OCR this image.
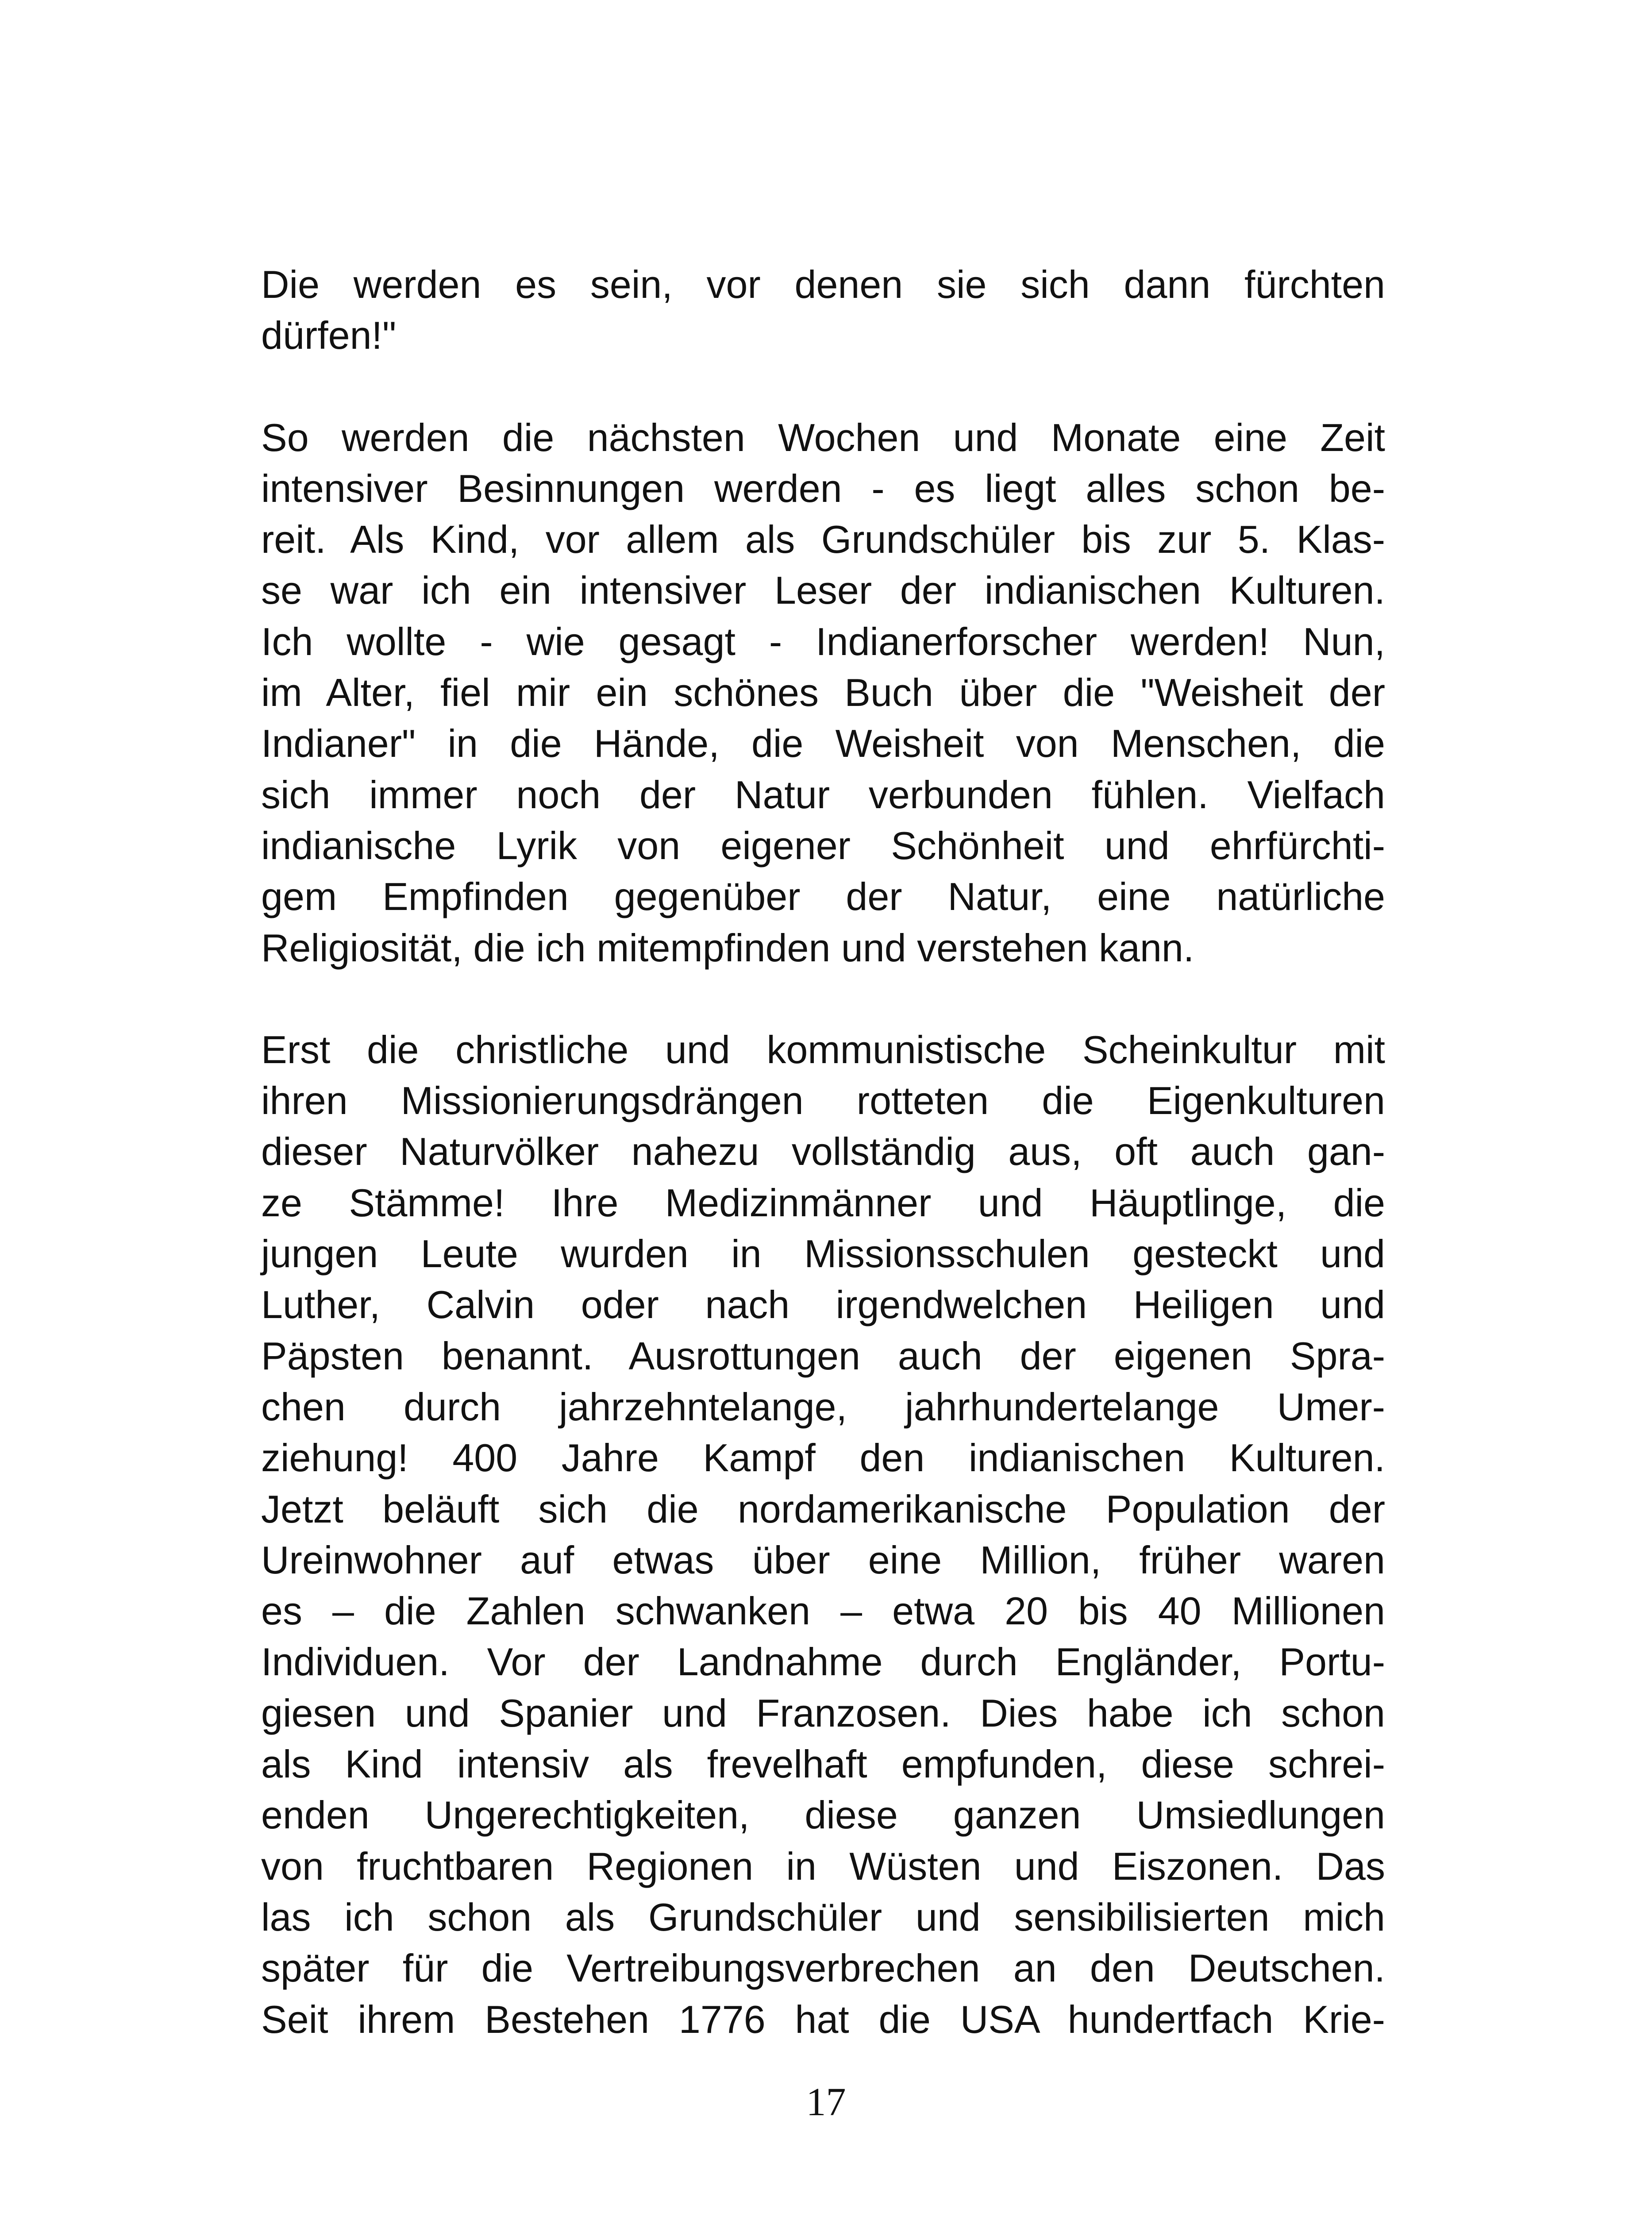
Die werden es sein, vor denen sie sich dann fürchten
dürfen!"

So werden die nächsten Wochen und Monate eine Zeit
intensiver Besinnungen werden - es liegt alles schon be-
reit. Als Kind, vor allem als Grundschüler bis zur 5. Klas-
se war ich ein intensiver Leser der indianischen Kulturen.
Ich wollte - wie gesagt - Indianerforscher werden! Nun,
im Alter, fiel mir ein schönes Buch über die "Weisheit der
Indianer" in die Hände, die Weisheit von Menschen, die
sich immer noch der Natur verbunden fühlen. Vielfach
indianische Lyrik von eigener Schönheit und ehrfürchti-
gem Empfinden gegenüber der Natur, eine natürliche
Religiosität, die ich mitempfinden und verstehen kann.

Erst die christliche und kommunistische Scheinkultur mit
ihren Missionierungsdrängen rotteten die Eigenkulturen
dieser Naturvölker nahezu vollständig aus, oft auch gan-
ze Stämme! Ihre Medizinmänner und Häuptlinge, die
jungen Leute wurden in Missionsschulen gesteckt und
Luther, Calvin oder nach irgendwelchen Heiligen und
Päpsten benannt. Ausrottungen auch der eigenen Spra-
chen durch jahrzehntelange, jahrhundertelange Umer-
ziehung! 400 Jahre Kampf den indianischen Kulturen.
Jetzt beläuft sich die nordamerikanische Population der
Ureinwohner auf etwas über eine Million, früher waren
es – die Zahlen schwanken – etwa 20 bis 40 Millionen
Individuen. Vor der Landnahme durch Engländer, Portu-
giesen und Spanier und Franzosen. Dies habe ich schon
als Kind intensiv als frevelhaft empfunden, diese schrei-
enden Ungerechtigkeiten, diese ganzen Umsiedlungen
von fruchtbaren Regionen in Wüsten und Eiszonen. Das
las ich schon als Grundschüler und sensibilisierten mich
später für die Vertreibungsverbrechen an den Deutschen.
Seit ihrem Bestehen 1776 hat die USA hundertfach Krie-

17
